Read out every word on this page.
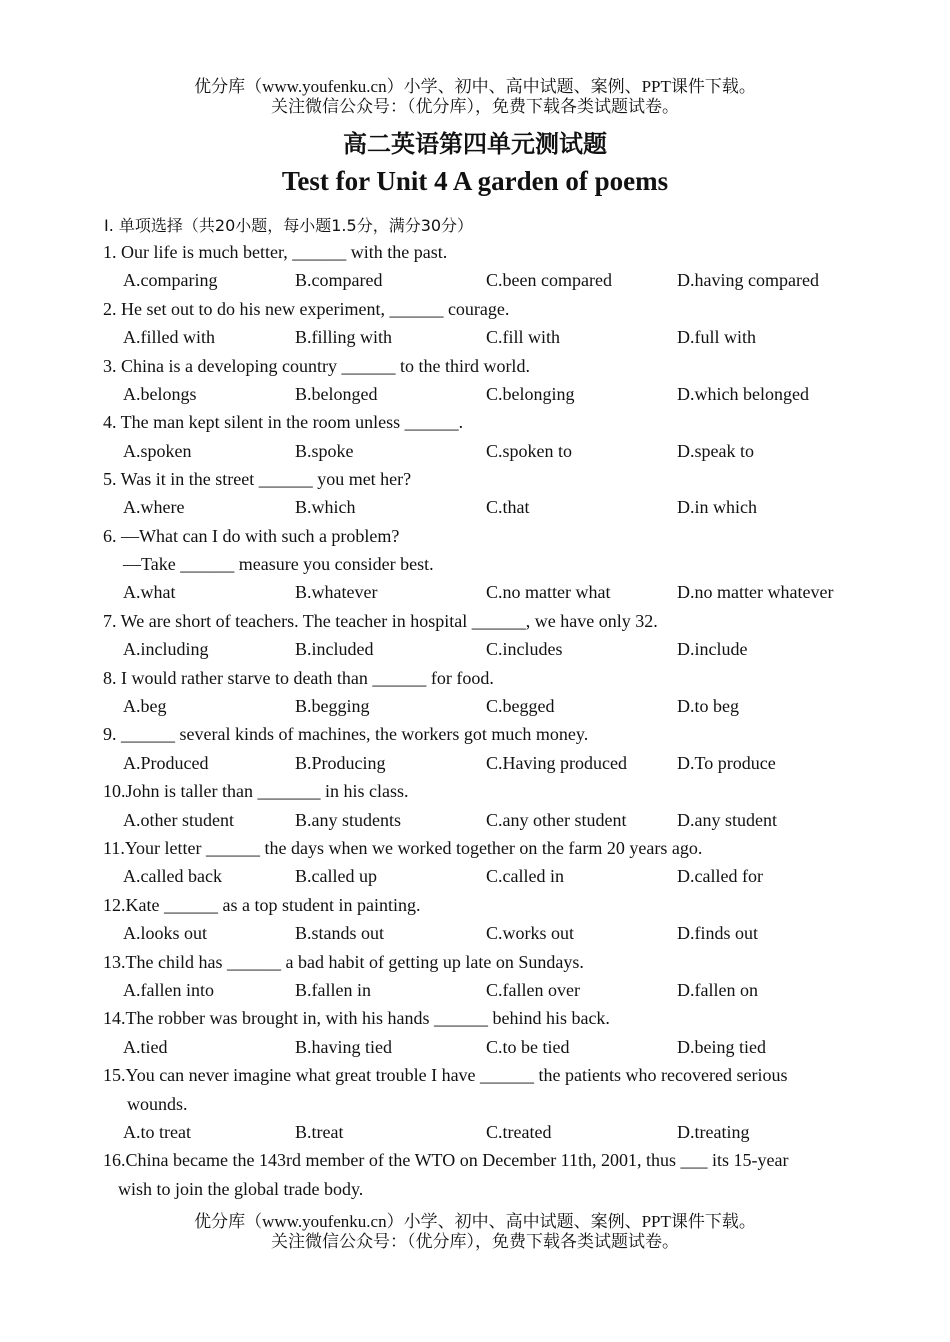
优分库（www.youfenku.cn）小学、初中、高中试题、案例、PPT课件下载。
关注微信公众号：（优分库），免费下载各类试题试卷。
高二英语第四单元测试题
Test for Unit 4 A garden of poems
Ⅰ. 单项选择（共20小题，每小题1.5分，满分30分）
1. Our life is much better, ______ with the past.
A.comparing	B.compared	C.been compared	D.having compared
2. He set out to do his new experiment, ______ courage.
A.filled with	B.filling with	C.fill with	D.full with
3. China is a developing country ______ to the third world.
A.belongs	B.belonged	C.belonging	D.which belonged
4. The man kept silent in the room unless ______.
A.spoken	B.spoke	C.spoken to	D.speak to
5. Was it in the street ______ you met her?
A.where	B.which	C.that	D.in which
6. —What can I do with such a problem?
—Take ______ measure you consider best.
A.what	B.whatever	C.no matter what	D.no matter whatever
7. We are short of teachers. The teacher in hospital ______, we have only 32.
A.including	B.included	C.includes	D.include
8. I would rather starve to death than ______ for food.
A.beg	B.begging	C.begged	D.to beg
9. ______ several kinds of machines, the workers got much money.
A.Produced	B.Producing	C.Having produced	D.To produce
10.John is taller than _______ in his class.
A.other student	B.any students	C.any other student	D.any student
11.Your letter ______ the days when we worked together on the farm 20 years ago.
A.called back	B.called up	C.called in	D.called for
12.Kate ______ as a top student in painting.
A.looks out	B.stands out	C.works out	D.finds out
13.The child has ______ a bad habit of getting up late on Sundays.
A.fallen into	B.fallen in	C.fallen over	D.fallen on
14.The robber was brought in, with his hands ______ behind his back.
A.tied	B.having tied	C.to be tied	D.being tied
15.You can never imagine what great trouble I have ______ the patients who recovered serious
wounds.
A.to treat	B.treat	C.treated	D.treating
16.China became the 143rd member of the WTO on December 11th, 2001, thus ___ its 15-year
wish to join the global trade body.
优分库（www.youfenku.cn）小学、初中、高中试题、案例、PPT课件下载。
关注微信公众号：（优分库），免费下载各类试题试卷。
